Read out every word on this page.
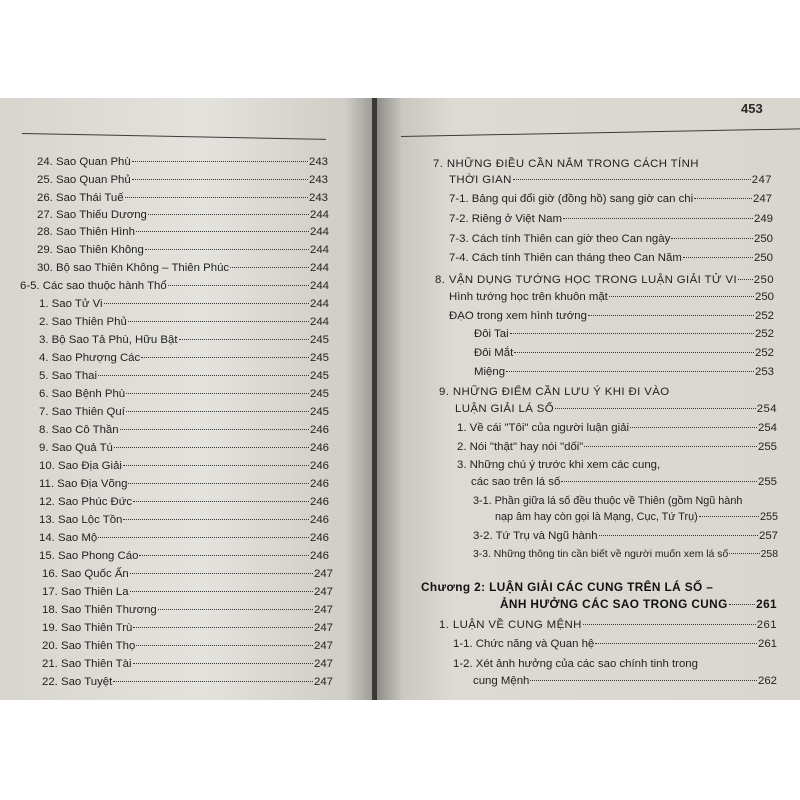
24. Sao Quan Phù	243
25. Sao Quan Phủ	243
26. Sao Thái Tuế	243
27. Sao Thiếu Dương	244
28. Sao Thiên Hình	244
29. Sao Thiên Không	244
30. Bộ sao Thiên Không – Thiên Phúc	244
6-5. Các sao thuộc hành Thổ	244
1. Sao Tử Vi	244
2. Sao Thiên Phủ	244
3. Bộ Sao Tả Phù, Hữu Bật	245
4. Sao Phượng Các	245
5. Sao Thai	245
6. Sao Bệnh Phù	245
7. Sao Thiên Quí	245
8. Sao Cô Thần	246
9. Sao Quả Tú	246
10. Sao Địa Giải	246
11. Sao Địa Võng	246
12. Sao Phúc Đức	246
13. Sao Lộc Tồn	246
14. Sao Mộ	246
15. Sao Phong Cáo	246
16. Sao Quốc Ấn	247
17. Sao Thiên La	247
18. Sao Thiên Thương	247
19. Sao Thiên Trù	247
20. Sao Thiên Thọ	247
21. Sao Thiên Tài	247
22. Sao Tuyệt	247
453
7. NHỮNG ĐIỀU CẦN NẮM TRONG CÁCH TÍNH
THỜI GIAN	247
7-1. Bảng qui đổi giờ (đồng hồ) sang giờ can chi	247
7-2. Riêng ở Việt Nam	249
7-3. Cách tính Thiên can giờ theo Can ngày	250
7-4. Cách tính Thiên can tháng theo Can Năm	250
8. VẬN DỤNG TƯỚNG HỌC TRONG LUẬN GIẢI TỬ VI 250
Hình tướng học trên khuôn mặt	250
ĐẠO trong xem hình tướng	252
Đôi Tai	252
Đôi Mắt	252
Miệng	253
9. NHỮNG ĐIỂM CẦN LƯU Ý KHI ĐI VÀO
LUẬN GIẢI LÁ SỐ	254
1. Về cái "Tôi" của người luận giải	254
2. Nói "thật" hay nói "dối"	255
3. Những chú ý trước khi xem các cung,
các sao trên lá số	255
3-1. Phần giữa lá số đều thuộc về Thiên (gồm Ngũ hành
nạp âm hay còn gọi là Mạng, Cục, Tứ Trụ)	255
3-2. Tứ Trụ và Ngũ hành	257
3-3. Những thông tin cần biết về người muốn xem lá số	258
Chương 2: LUẬN GIẢI CÁC CUNG TRÊN LÁ SỐ –
ẢNH HƯỞNG CÁC SAO TRONG CUNG 261
1. LUẬN VỀ CUNG MỆNH	261
1-1. Chức năng và Quan hệ	261
1-2. Xét ảnh hưởng của các sao chính tinh trong
cung Mệnh	262
